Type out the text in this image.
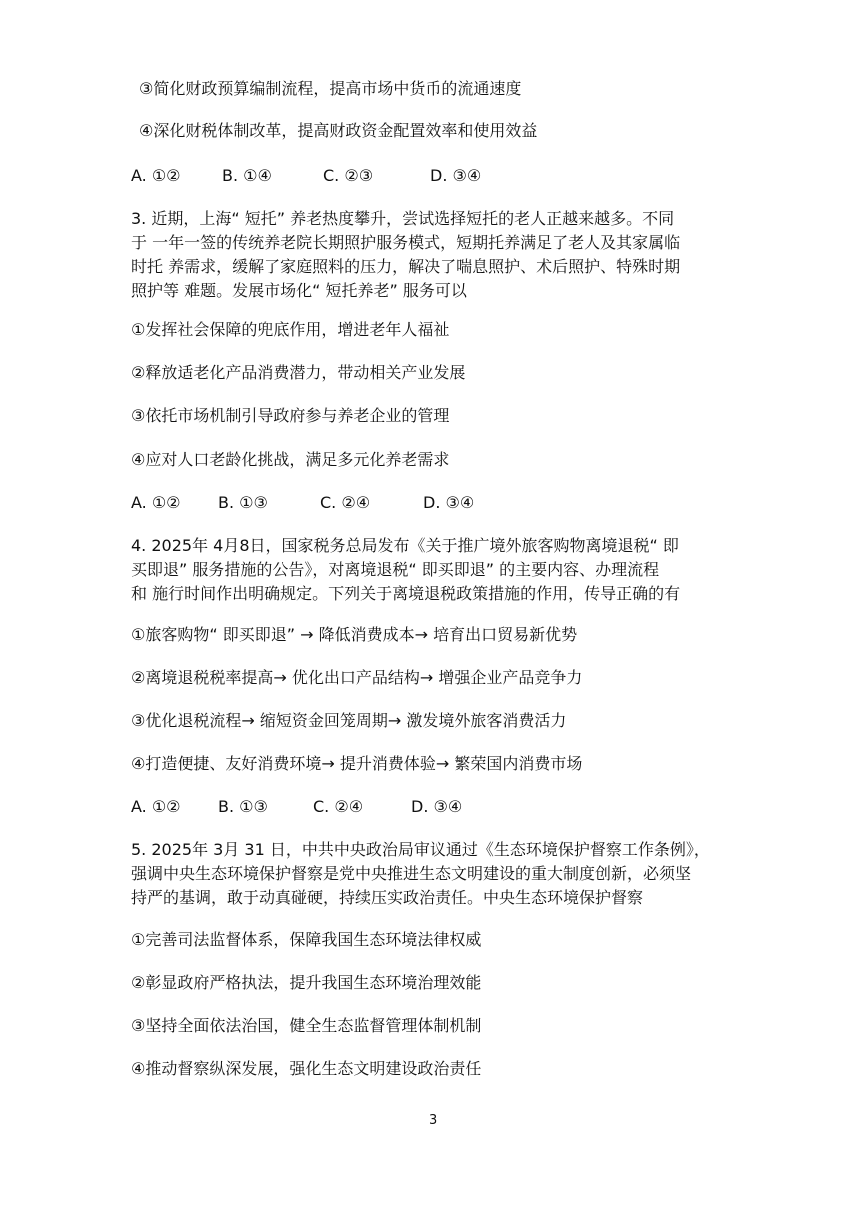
③简化财政预算编制流程，提高市场中货币的流通速度
④深化财税体制改革，提高财政资金配置效率和使用效益
A. ①②	B. ①④	C. ②③	D. ③④
3. 近期，上海“ 短托” 养老热度攀升，尝试选择短托的老人正越来越多。不同
于 一年一签的传统养老院长期照护服务模式，短期托养满足了老人及其家属临
时托 养需求，缓解了家庭照料的压力，解决了喘息照护、术后照护、特殊时期
照护等 难题。发展市场化“ 短托养老” 服务可以
①发挥社会保障的兜底作用，增进老年人福祉
②释放适老化产品消费潜力，带动相关产业发展
③依托市场机制引导政府参与养老企业的管理
④应对人口老龄化挑战，满足多元化养老需求
A. ①② B. ①③	C. ②④	D. ③④
4. 2025年 4月8日，国家税务总局发布《关于推广境外旅客购物离境退税“ 即
买即退” 服务措施的公告》，对离境退税“ 即买即退” 的主要内容、办理流程
和 施行时间作出明确规定。下列关于离境退税政策措施的作用，传导正确的有
①旅客购物“ 即买即退” → 降低消费成本→ 培育出口贸易新优势
②离境退税税率提高→ 优化出口产品结构→ 增强企业产品竞争力
③优化退税流程→ 缩短资金回笼周期→ 激发境外旅客消费活力
④打造便捷、友好消费环境→ 提升消费体验→ 繁荣国内消费市场
A. ①② B. ①③	C. ②④	D. ③④
5. 2025年 3月 31 日，中共中央政治局审议通过《生态环境保护督察工作条例》，
强调中央生态环境保护督察是党中央推进生态文明建设的重大制度创新，必须坚
持严的基调，敢于动真碰硬，持续压实政治责任。中央生态环境保护督察
①完善司法监督体系，保障我国生态环境法律权威
②彰显政府严格执法，提升我国生态环境治理效能
③坚持全面依法治国，健全生态监督管理体制机制
④推动督察纵深发展，强化生态文明建设政治责任
3
